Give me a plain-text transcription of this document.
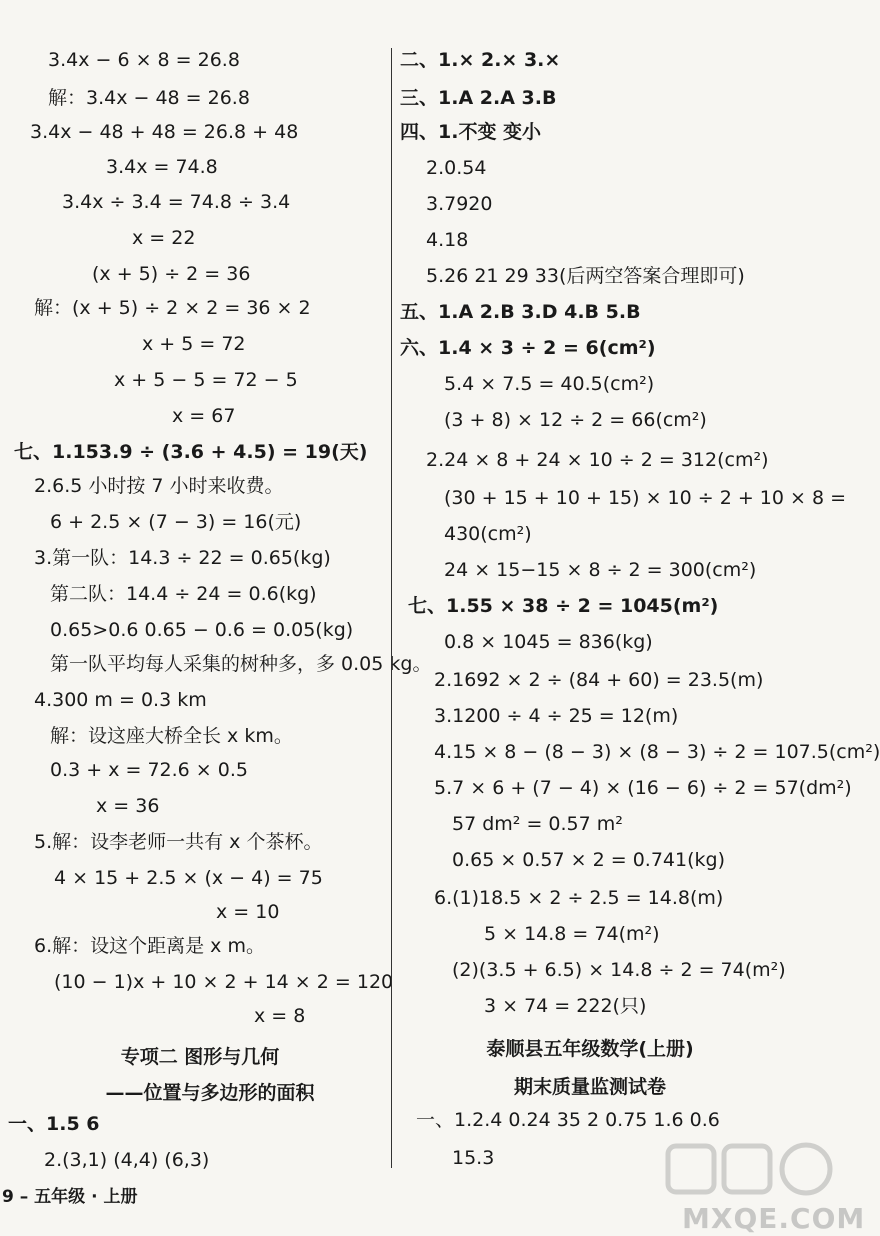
3.4x − 6 × 8 = 26.8
解：3.4x − 48 = 26.8
3.4x − 48 + 48 = 26.8 + 48
3.4x = 74.8
3.4x ÷ 3.4 = 74.8 ÷ 3.4
x = 22
(x + 5) ÷ 2 = 36
解：(x + 5) ÷ 2 × 2 = 36 × 2
x + 5 = 72
x + 5 − 5 = 72 − 5
x = 67
七、1.153.9 ÷ (3.6 + 4.5) = 19(天)
2.6.5 小时按 7 小时来收费。
6 + 2.5 × (7 − 3) = 16(元)
3.第一队：14.3 ÷ 22 = 0.65(kg)
第二队：14.4 ÷ 24 = 0.6(kg)
0.65>0.6 0.65 − 0.6 = 0.05(kg)
第一队平均每人采集的树种多，多 0.05 kg。
4.300 m = 0.3 km
解：设这座大桥全长 x km。
0.3 + x = 72.6 × 0.5
x = 36
5.解：设李老师一共有 x 个茶杯。
4 × 15 + 2.5 × (x − 4) = 75
x = 10
6.解：设这个距离是 x m。
(10 − 1)x + 10 × 2 + 14 × 2 = 120
x = 8
专项二 图形与几何
——位置与多边形的面积
一、1.5 6
2.(3,1) (4,4) (6,3)
二、1.× 2.× 3.×
三、1.A 2.A 3.B
四、1.不变 变小
2.0.54
3.7920
4.18
5.26 21 29 33(后两空答案合理即可)
五、1.A 2.B 3.D 4.B 5.B
六、1.4 × 3 ÷ 2 = 6(cm²)
5.4 × 7.5 = 40.5(cm²)
(3 + 8) × 12 ÷ 2 = 66(cm²)
2.24 × 8 + 24 × 10 ÷ 2 = 312(cm²)
(30 + 15 + 10 + 15) × 10 ÷ 2 + 10 × 8 =
430(cm²)
24 × 15−15 × 8 ÷ 2 = 300(cm²)
七、1.55 × 38 ÷ 2 = 1045(m²)
0.8 × 1045 = 836(kg)
2.1692 × 2 ÷ (84 + 60) = 23.5(m)
3.1200 ÷ 4 ÷ 25 = 12(m)
4.15 × 8 − (8 − 3) × (8 − 3) ÷ 2 = 107.5(cm²)
5.7 × 6 + (7 − 4) × (16 − 6) ÷ 2 = 57(dm²)
57 dm² = 0.57 m²
0.65 × 0.57 × 2 = 0.741(kg)
6.(1)18.5 × 2 ÷ 2.5 = 14.8(m)
5 × 14.8 = 74(m²)
(2)(3.5 + 6.5) × 14.8 ÷ 2 = 74(m²)
3 × 74 = 222(只)
泰顺县五年级数学(上册)
期末质量监测试卷
一、1.2.4 0.24 35 2 0.75 1.6 0.6
15.3
9 – 五年级 · 上册
MXQE.COM
